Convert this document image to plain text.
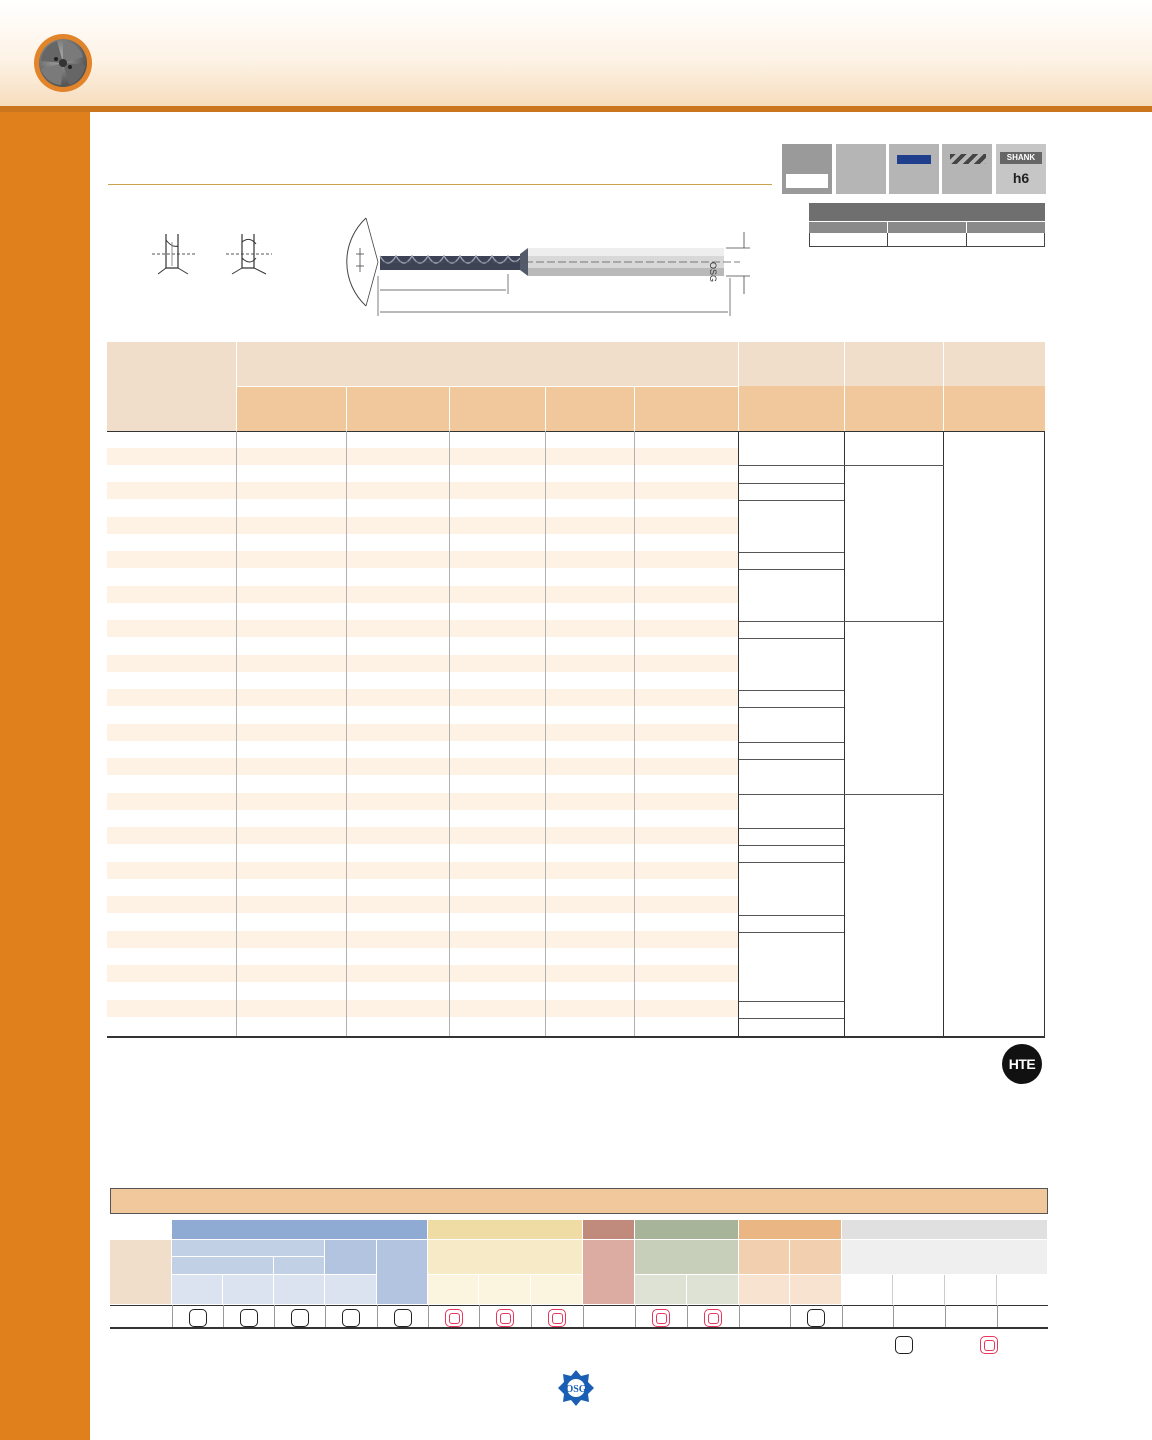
SHANK
h6
OSG
HTE
OSG
